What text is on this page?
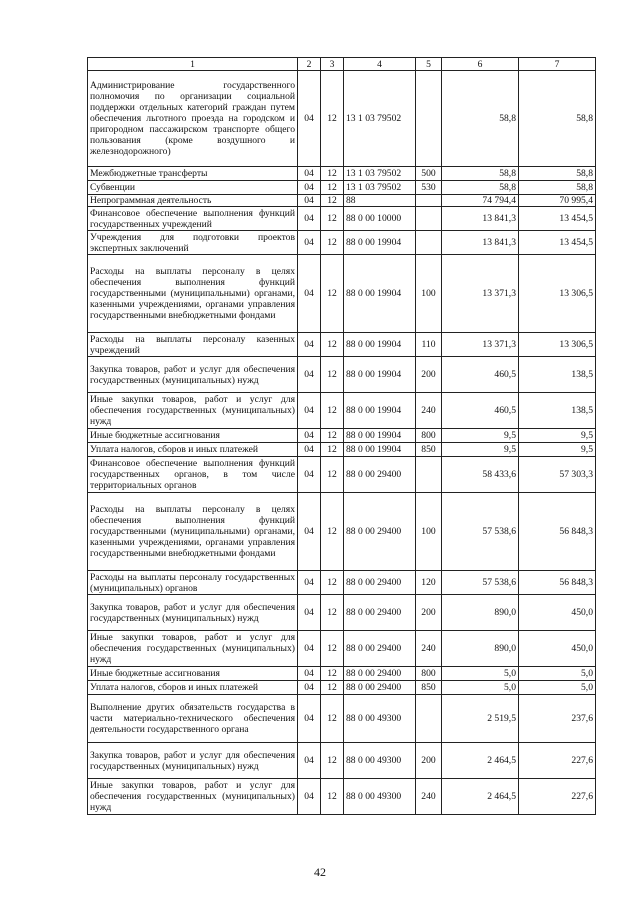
1	2	3	4	5	6	7
Администрирование государственного полномочия по организации социальной поддержки отдельных категорий граждан путем обеспечения льготного проезда на городском и пригородном пассажирском транспорте общего пользования (кроме воздушного и железнодорожного)	04	12	13 1 03 79502		58,8	58,8
Межбюджетные трансферты	04	12	13 1 03 79502	500	58,8	58,8
Субвенции	04	12	13 1 03 79502	530	58,8	58,8
Непрограммная деятельность	04	12	88		74 794,4	70 995,4
Финансовое обеспечение выполнения функций государственных учреждений	04	12	88 0 00 10000		13 841,3	13 454,5
Учреждения для подготовки проектов экспертных заключений	04	12	88 0 00 19904		13 841,3	13 454,5
Расходы на выплаты персоналу в целях обеспечения выполнения функций государственными (муниципальными) органами, казенными учреждениями, органами управления государственными внебюджетными фондами	04	12	88 0 00 19904	100	13 371,3	13 306,5
Расходы на выплаты персоналу казенных учреждений	04	12	88 0 00 19904	110	13 371,3	13 306,5
Закупка товаров, работ и услуг для обеспечения государственных (муниципальных) нужд	04	12	88 0 00 19904	200	460,5	138,5
Иные закупки товаров, работ и услуг для обеспечения государственных (муниципальных) нужд	04	12	88 0 00 19904	240	460,5	138,5
Иные бюджетные ассигнования	04	12	88 0 00 19904	800	9,5	9,5
Уплата налогов, сборов и иных платежей	04	12	88 0 00 19904	850	9,5	9,5
Финансовое обеспечение выполнения функций государственных органов, в том числе территориальных органов	04	12	88 0 00 29400		58 433,6	57 303,3
Расходы на выплаты персоналу в целях обеспечения выполнения функций государственными (муниципальными) органами, казенными учреждениями, органами управления государственными внебюджетными фондами	04	12	88 0 00 29400	100	57 538,6	56 848,3
Расходы на выплаты персоналу государственных (муниципальных) органов	04	12	88 0 00 29400	120	57 538,6	56 848,3
Закупка товаров, работ и услуг для обеспечения государственных (муниципальных) нужд	04	12	88 0 00 29400	200	890,0	450,0
Иные закупки товаров, работ и услуг для обеспечения государственных (муниципальных) нужд	04	12	88 0 00 29400	240	890,0	450,0
Иные бюджетные ассигнования	04	12	88 0 00 29400	800	5,0	5,0
Уплата налогов, сборов и иных платежей	04	12	88 0 00 29400	850	5,0	5,0
Выполнение других обязательств государства в части материально-технического обеспечения деятельности государственного органа	04	12	88 0 00 49300		2 519,5	237,6
Закупка товаров, работ и услуг для обеспечения государственных (муниципальных) нужд	04	12	88 0 00 49300	200	2 464,5	227,6
Иные закупки товаров, работ и услуг для обеспечения государственных (муниципальных) нужд	04	12	88 0 00 49300	240	2 464,5	227,6
42
